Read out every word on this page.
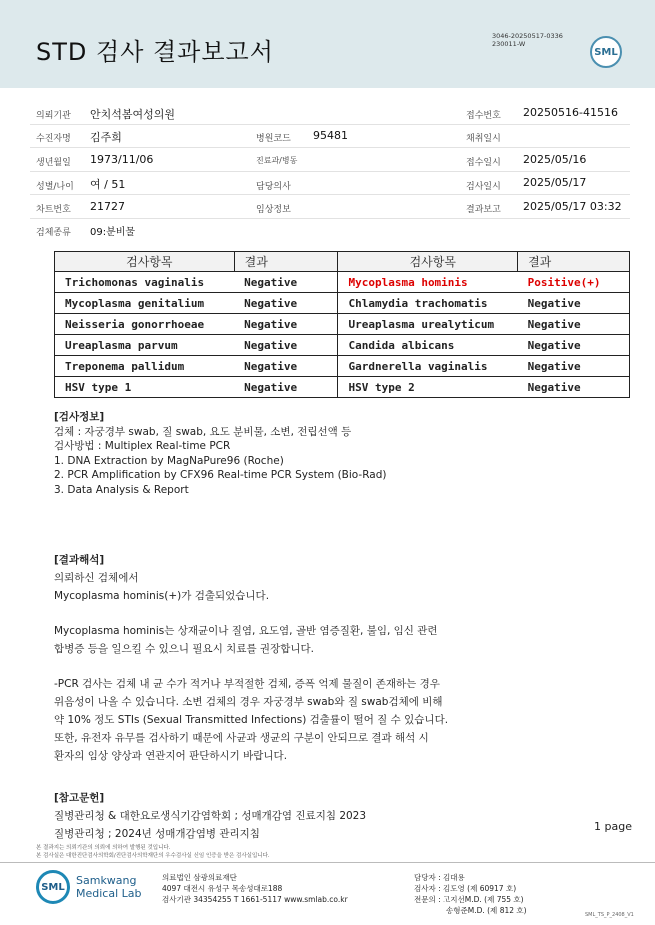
STD 검사 결과보고서
3046-20250517-0336
230011-W
SML
의뢰기관 안치석봄여성의원	접수번호 20250516-41516
수진자명 김주희	병원코드 95481	채취일시
생년월일 1973/11/06	진료과/병동	접수일시 2025/05/16
성별/나이 여 / 51	담당의사	검사일시 2025/05/17
차트번호 21727	임상정보	결과보고 2025/05/17 03:32
검체종류 09:분비물
검사항목	결과	검사항목	결과
Trichomonas vaginalis	Negative	Mycoplasma hominis	Positive(+)
Mycoplasma genitalium	Negative	Chlamydia trachomatis	Negative
Neisseria gonorrhoeae	Negative	Ureaplasma urealyticum	Negative
Ureaplasma parvum	Negative	Candida albicans	Negative
Treponema pallidum	Negative	Gardnerella vaginalis	Negative
HSV type 1	Negative	HSV type 2	Negative
[검사정보]
검체 : 자궁경부 swab, 질 swab, 요도 분비물, 소변, 전립선액 등
검사방법 : Multiplex Real-time PCR
1. DNA Extraction by MagNaPure96 (Roche)
2. PCR Amplification by CFX96 Real-time PCR System (Bio-Rad)
3. Data Analysis & Report
[결과해석]
의뢰하신 검체에서
Mycoplasma hominis(+)가 검출되었습니다.
Mycoplasma hominis는 상재균이나 질염, 요도염, 골반 염증질환, 불임, 임신 관련
합병증 등을 일으킬 수 있으니 필요시 치료를 권장합니다.
-PCR 검사는 검체 내 균 수가 적거나 부적절한 검체, 증폭 억제 물질이 존재하는 경우
위음성이 나올 수 있습니다. 소변 검체의 경우 자궁경부 swab와 질 swab검체에 비해
약 10% 정도 STIs (Sexual Transmitted Infections) 검출률이 떨어 질 수 있습니다.
또한, 유전자 유무를 검사하기 때문에 사균과 생균의 구분이 안되므로 결과 해석 시
환자의 임상 양상과 연관지어 판단하시기 바랍니다.
[참고문헌]
질병관리청 & 대한요로생식기감염학회 ; 성매개감염 진료지침 2023
질병관리청 ; 2024년 성매개감염병 관리지침
1 page
본 결과지는 의뢰기관의 의뢰에 의하여 발행된 것입니다.
본 검사실은 대한진단검사의학회/진단검사의학재단의 우수검사실 신임 인증을 받은 검사실입니다.
SML	Samkwang
Medical Lab
의료법인 삼광의료재단
4097 대전시 유성구 목송성대로188
검사기관 34354255 T 1661-5117 www.smlab.co.kr
담당자 : 김대용
검사자 : 김도영 (제 60917 호)
전문의 : 고지선M.D. (제 755 호)
송형준M.D. (제 812 호)	SML_TS_P_2408_V1
